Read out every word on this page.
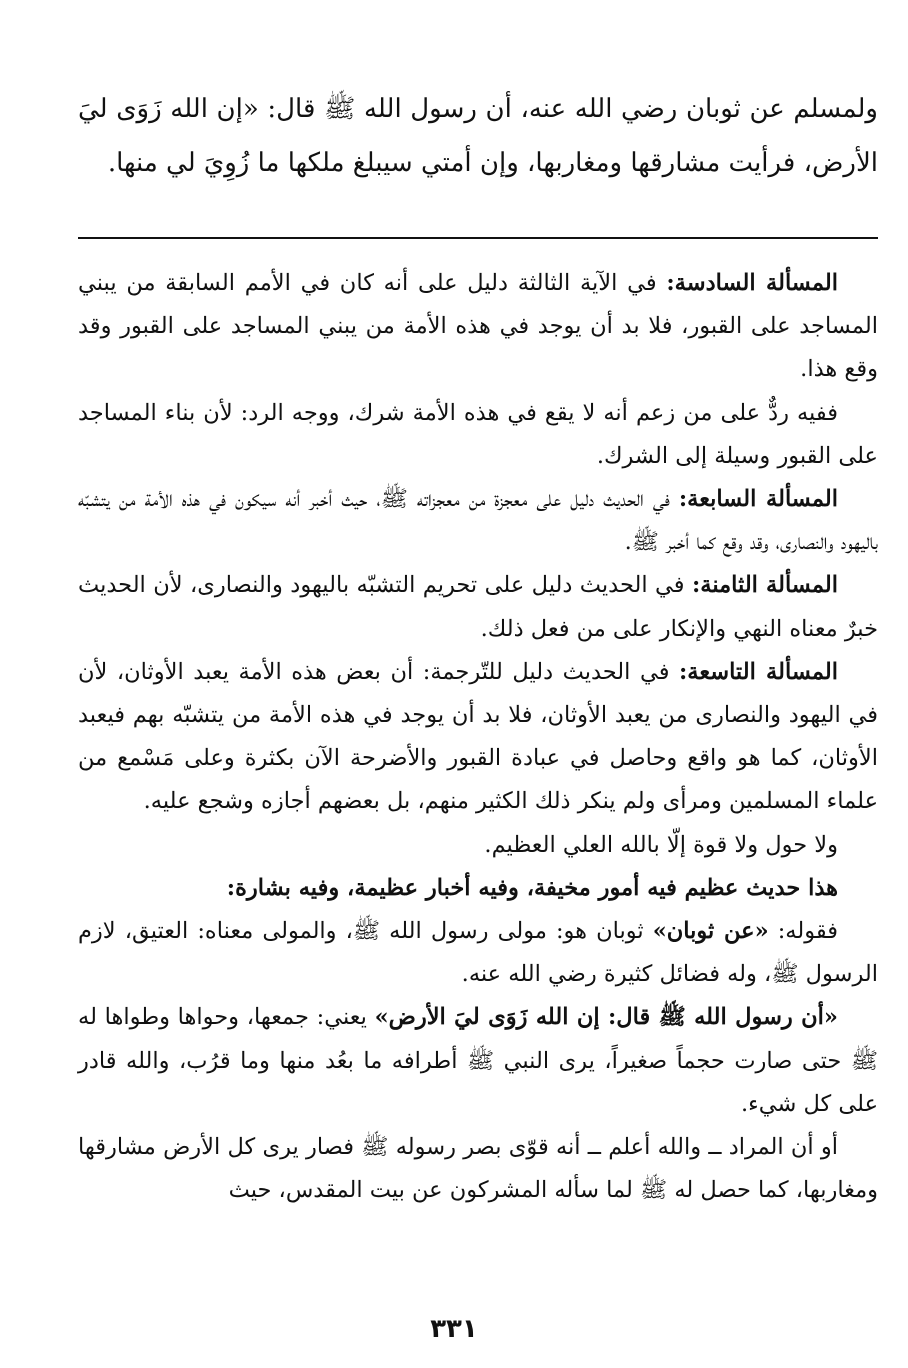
ولمسلم عن ثوبان رضي الله عنه، أن رسول الله ﷺ قال: «إن الله زَوَى ليَ الأرض، فرأيت مشارقها ومغاربها، وإن أمتي سيبلغ ملكها ما زُوِيَ لي منها.

المسألة السادسة: في الآية الثالثة دليل على أنه كان في الأمم السابقة من يبني المساجد على القبور، فلا بد أن يوجد في هذه الأمة من يبني المساجد على القبور وقد وقع هذا.

ففيه ردٌّ على من زعم أنه لا يقع في هذه الأمة شرك، ووجه الرد: لأن بناء المساجد على القبور وسيلة إلى الشرك.

المسألة السابعة: في الحديث دليل على معجزة من معجزاته ﷺ، حيث أخبر أنه سيكون في هذه الأمة من يتشبّه باليهود والنصارى، وقد وقع كما أخبر ﷺ.

المسألة الثامنة: في الحديث دليل على تحريم التشبّه باليهود والنصارى، لأن الحديث خبرٌ معناه النهي والإنكار على من فعل ذلك.

المسألة التاسعة: في الحديث دليل للتّرجمة: أن بعض هذه الأمة يعبد الأوثان، لأن في اليهود والنصارى من يعبد الأوثان، فلا بد أن يوجد في هذه الأمة من يتشبّه بهم فيعبد الأوثان، كما هو واقع وحاصل في عبادة القبور والأضرحة الآن بكثرة وعلى مَسْمع من علماء المسلمين ومرأى ولم ينكر ذلك الكثير منهم، بل بعضهم أجازه وشجع عليه.

ولا حول ولا قوة إلّا بالله العلي العظيم.

هذا حديث عظيم فيه أمور مخيفة، وفيه أخبار عظيمة، وفيه بشارة:

فقوله: «عن ثوبان» ثوبان هو: مولى رسول الله ﷺ، والمولى معناه: العتيق، لازم الرسول ﷺ، وله فضائل كثيرة رضي الله عنه.

«أن رسول الله ﷺ قال: إن الله زَوَى ليَ الأرض» يعني: جمعها، وحواها وطواها له ﷺ حتى صارت حجماً صغيراً، يرى النبي ﷺ أطرافه ما بعُد منها وما قرُب، والله قادر على كل شيء.

أو أن المراد ــ والله أعلم ــ أنه قوّى بصر رسوله ﷺ فصار يرى كل الأرض مشارقها ومغاربها، كما حصل له ﷺ لما سأله المشركون عن بيت المقدس، حيث

٣٣١
